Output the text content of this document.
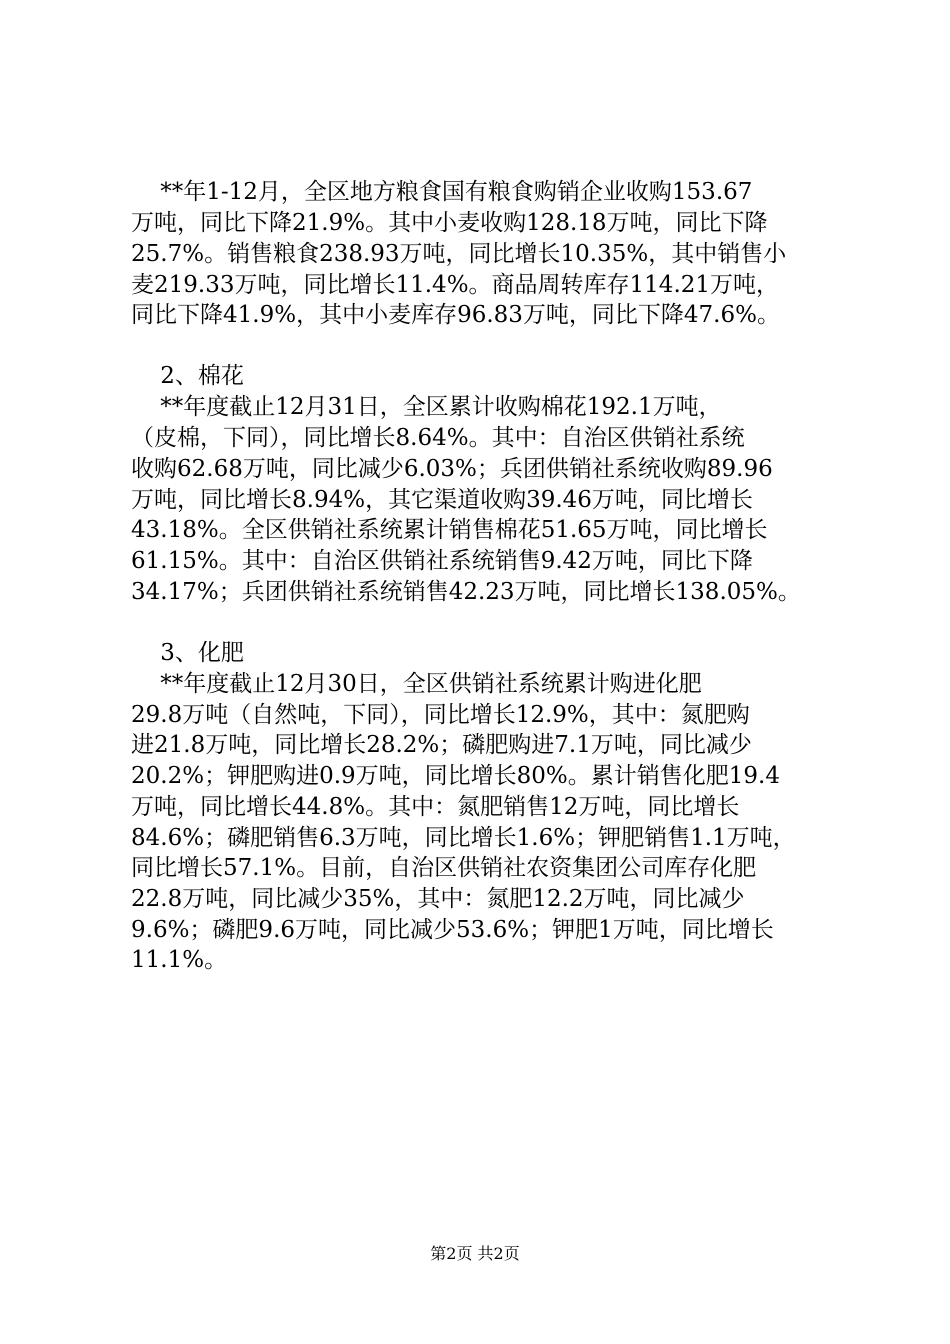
**年1-12月，全区地方粮食国有粮食购销企业收购153.67

万吨，同比下降21.9%。其中小麦收购128.18万吨，同比下降

25.7%。销售粮食238.93万吨，同比增长10.35%，其中销售小

麦219.33万吨，同比增长11.4%。商品周转库存114.21万吨，

同比下降41.9%，其中小麦库存96.83万吨，同比下降47.6%。

2、棉花

**年度截止12月31日，全区累计收购棉花192.1万吨，

（皮棉，下同），同比增长8.64%。其中：自治区供销社系统

收购62.68万吨，同比减少6.03%；兵团供销社系统收购89.96

万吨，同比增长8.94%，其它渠道收购39.46万吨，同比增长

43.18%。全区供销社系统累计销售棉花51.65万吨，同比增长

61.15%。其中：自治区供销社系统销售9.42万吨，同比下降

34.17%；兵团供销社系统销售42.23万吨，同比增长138.05%。

3、化肥

**年度截止12月30日，全区供销社系统累计购进化肥

29.8万吨（自然吨，下同），同比增长12.9%，其中：氮肥购

进21.8万吨，同比增长28.2%；磷肥购进7.1万吨，同比减少

20.2%；钾肥购进0.9万吨，同比增长80%。累计销售化肥19.4

万吨，同比增长44.8%。其中：氮肥销售12万吨，同比增长

84.6%；磷肥销售6.3万吨，同比增长1.6%；钾肥销售1.1万吨，

同比增长57.1%。目前，自治区供销社农资集团公司库存化肥

22.8万吨，同比减少35%，其中：氮肥12.2万吨，同比减少

9.6%；磷肥9.6万吨，同比减少53.6%；钾肥1万吨，同比增长

11.1%。

第2页 共2页
